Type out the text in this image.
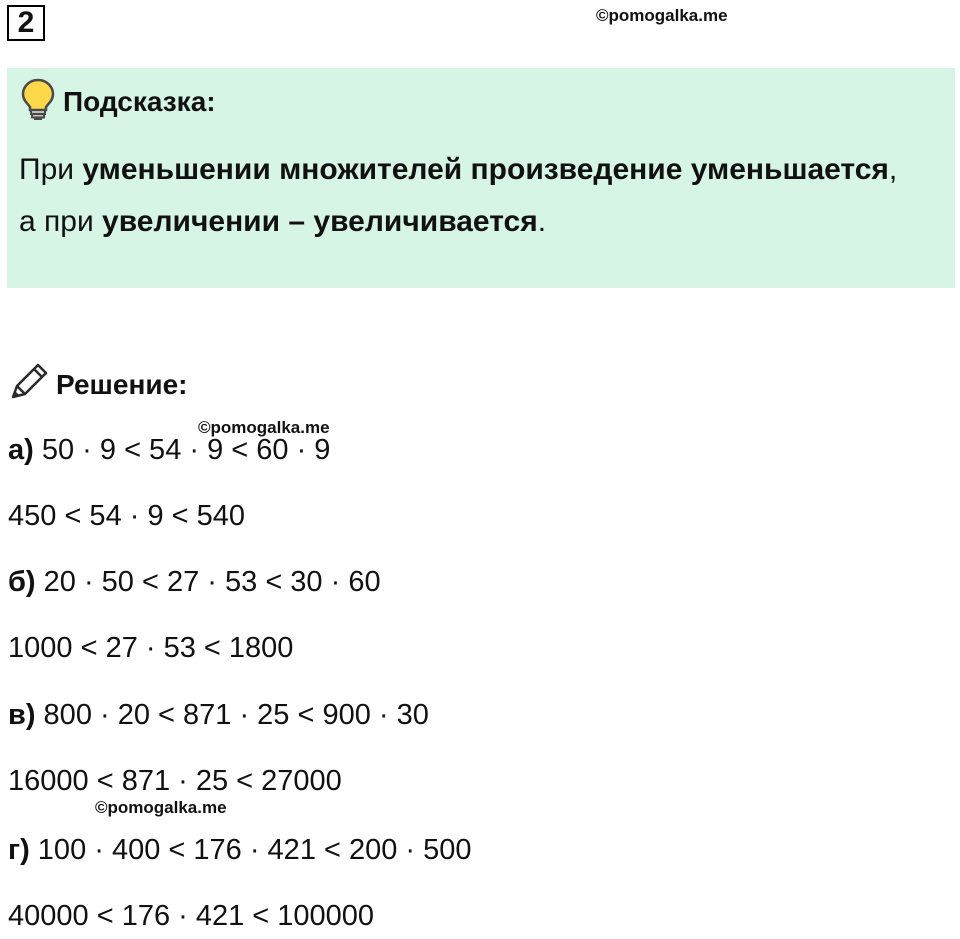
2	©pomogalka.me
Подсказка:
При уменьшении множителей произведение уменьшается, а при увеличении – увеличивается.
Решение:
©pomogalka.me
а) 50 · 9 < 54 · 9 < 60 · 9
450 < 54 · 9 < 540
б) 20 · 50 < 27 · 53 < 30 · 60
1000 < 27 · 53 < 1800
в) 800 · 20 < 871 · 25 < 900 · 30
16000 < 871 · 25 < 27000
©pomogalka.me
г) 100 · 400 < 176 · 421 < 200 · 500
40000 < 176 · 421 < 100000
